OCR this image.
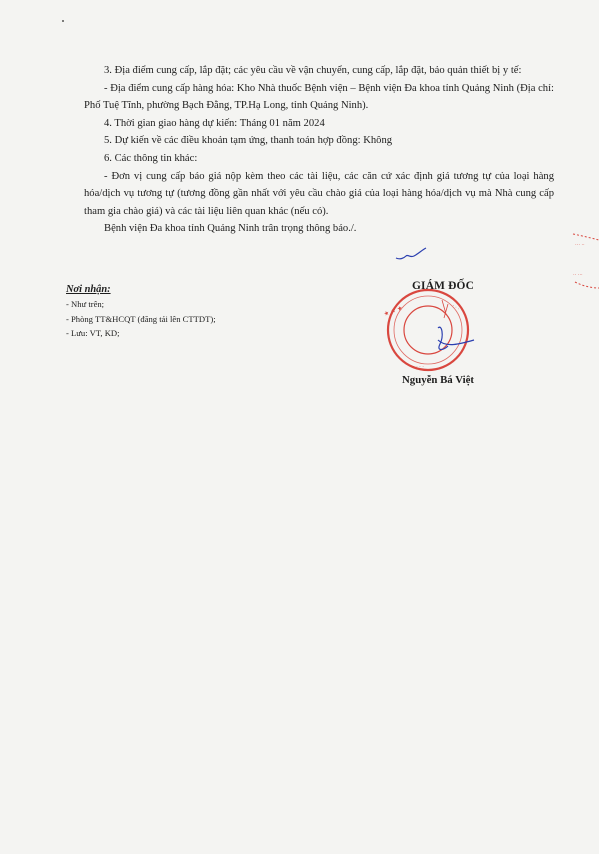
3. Địa điểm cung cấp, lắp đặt; các yêu cầu về vận chuyển, cung cấp, lắp đặt, bảo quản thiết bị y tế:

- Địa điểm cung cấp hàng hóa: Kho Nhà thuốc Bệnh viện – Bệnh viện Đa khoa tỉnh Quảng Ninh (Địa chỉ: Phố Tuệ Tĩnh, phường Bạch Đằng, TP.Hạ Long, tỉnh Quảng Ninh).

4. Thời gian giao hàng dự kiến: Tháng 01 năm 2024

5. Dự kiến về các điều khoản tạm ứng, thanh toán hợp đồng: Không

6. Các thông tin khác:

- Đơn vị cung cấp báo giá nộp kèm theo các tài liệu, các căn cứ xác định giá tương tự của loại hàng hóa/dịch vụ tương tự (tương đồng gần nhất với yêu cầu chào giá của loại hàng hóa/dịch vụ mà Nhà cung cấp tham gia chào giá) và các tài liệu liên quan khác (nếu có).

Bệnh viện Đa khoa tỉnh Quảng Ninh trân trọng thông báo./.

Nơi nhận:
- Như trên;
- Phòng TT&HCQT (đăng tải lên CTTDT);
- Lưu: VT, KD;
★ ★ ★	· · ·
· · · · ·
GIÁM ĐỐC
Nguyễn Bá Việt
··· ··
·· ···
